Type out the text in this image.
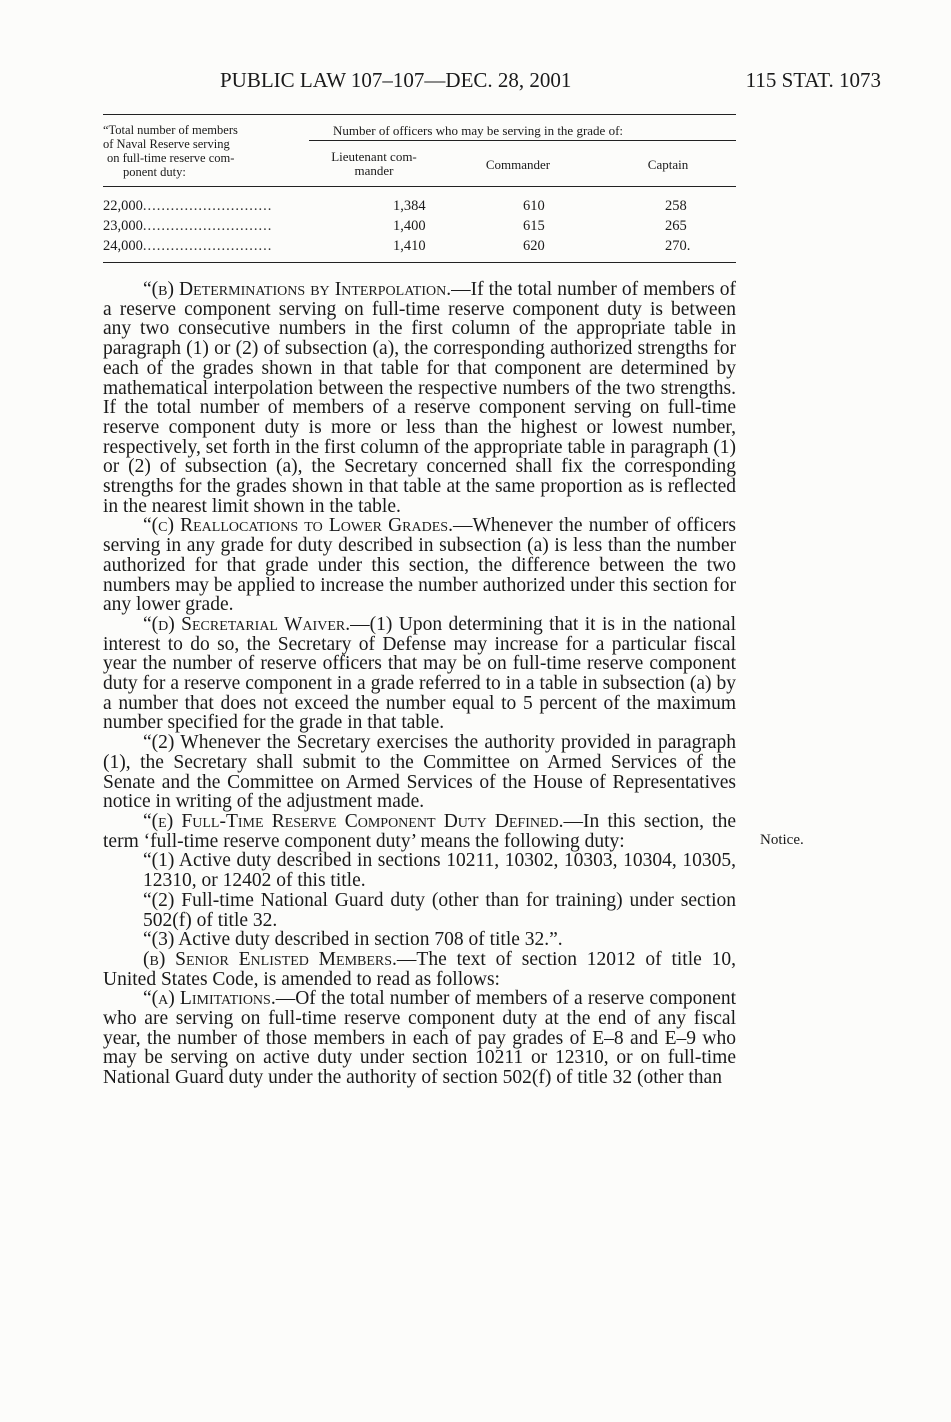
PUBLIC LAW 107–107—DEC. 28, 2001	115 STAT. 1073
“Total number of members
of Naval Reserve serving
on full-time reserve com-
ponent duty:
Number of officers who may be serving in the grade of:
Lieutenant com-
mander	Commander	Captain
22,000............................	1,384	610	258
23,000............................	1,400	615	265
24,000............................	1,410	620	270.

“(b) Determinations by Interpolation.—If the total number of members of a reserve component serving on full-time reserve component duty is between any two consecutive numbers in the first column of the appropriate table in paragraph (1) or (2) of subsection (a), the corresponding authorized strengths for each of the grades shown in that table for that component are determined by mathematical interpolation between the respective numbers of the two strengths. If the total number of members of a reserve component serving on full-time reserve component duty is more or less than the highest or lowest number, respectively, set forth in the first column of the appropriate table in paragraph (1) or (2) of subsection (a), the Secretary concerned shall fix the corresponding strengths for the grades shown in that table at the same proportion as is reflected in the nearest limit shown in the table.

“(c) Reallocations to Lower Grades.—Whenever the number of officers serving in any grade for duty described in subsection (a) is less than the number authorized for that grade under this section, the difference between the two numbers may be applied to increase the number authorized under this section for any lower grade.

“(d) Secretarial Waiver.—(1) Upon determining that it is in the national interest to do so, the Secretary of Defense may increase for a particular fiscal year the number of reserve officers that may be on full-time reserve component duty for a reserve component in a grade referred to in a table in subsection (a) by a number that does not exceed the number equal to 5 percent of the maximum number specified for the grade in that table.

“(2) Whenever the Secretary exercises the authority provided in paragraph (1), the Secretary shall submit to the Committee on Armed Services of the Senate and the Committee on Armed Services of the House of Representatives notice in writing of the adjustment made.

“(e) Full-Time Reserve Component Duty Defined.—In this section, the term ‘full-time reserve component duty’ means the following duty:

“(1) Active duty described in sections 10211, 10302, 10303, 10304, 10305, 12310, or 12402 of this title.

“(2) Full-time National Guard duty (other than for training) under section 502(f) of title 32.

“(3) Active duty described in section 708 of title 32.”.

(b) Senior Enlisted Members.—The text of section 12012 of title 10, United States Code, is amended to read as follows:

“(a) Limitations.—Of the total number of members of a reserve component who are serving on full-time reserve component duty at the end of any fiscal year, the number of those members in each of pay grades of E–8 and E–9 who may be serving on active duty under section 10211 or 12310, or on full-time National Guard duty under the authority of section 502(f) of title 32 (other than

Notice.
